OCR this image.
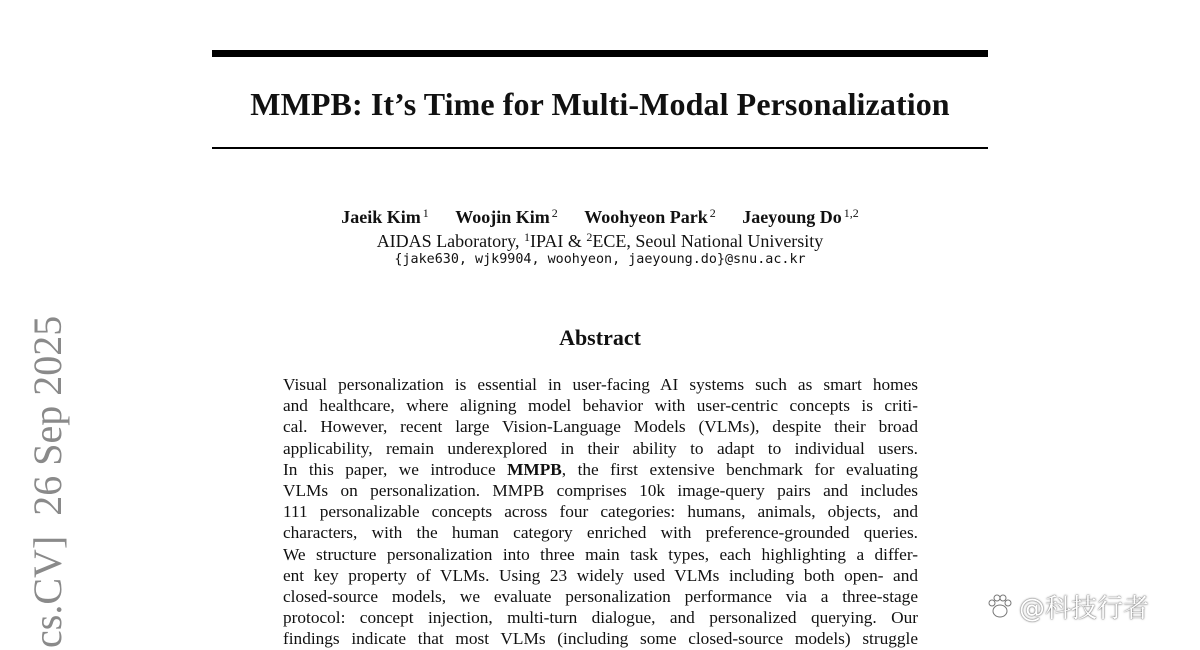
MMPB: It’s Time for Multi-Modal Personalization
Jaeik Kim $^1$ Woojin Kim $^2$ Woohyeon Park $^2$ Jaeyoung Do $^{1,2}$
AIDAS Laboratory, $^1$IPAI & $^2$ECE, Seoul National University
{jake630, wjk9904, woohyeon, jaeyoung.do}@snu.ac.kr
Abstract
Visual personalization is essential in user-facing AI systems such as smart homes
and healthcare, where aligning model behavior with user-centric concepts is criti-
cal. However, recent large Vision-Language Models (VLMs), despite their broad
applicability, remain underexplored in their ability to adapt to individual users.
In this paper, we introduce MMPB, the first extensive benchmark for evaluating
VLMs on personalization. MMPB comprises 10k image-query pairs and includes
111 personalizable concepts across four categories: humans, animals, objects, and
characters, with the human category enriched with preference-grounded queries.
We structure personalization into three main task types, each highlighting a differ-
ent key property of VLMs. Using 23 widely used VLMs including both open- and
closed-source models, we evaluate personalization performance via a three-stage
protocol: concept injection, multi-turn dialogue, and personalized querying. Our
findings indicate that most VLMs (including some closed-source models) struggle
cs.CV]  26 Sep 2025	@科技行者
